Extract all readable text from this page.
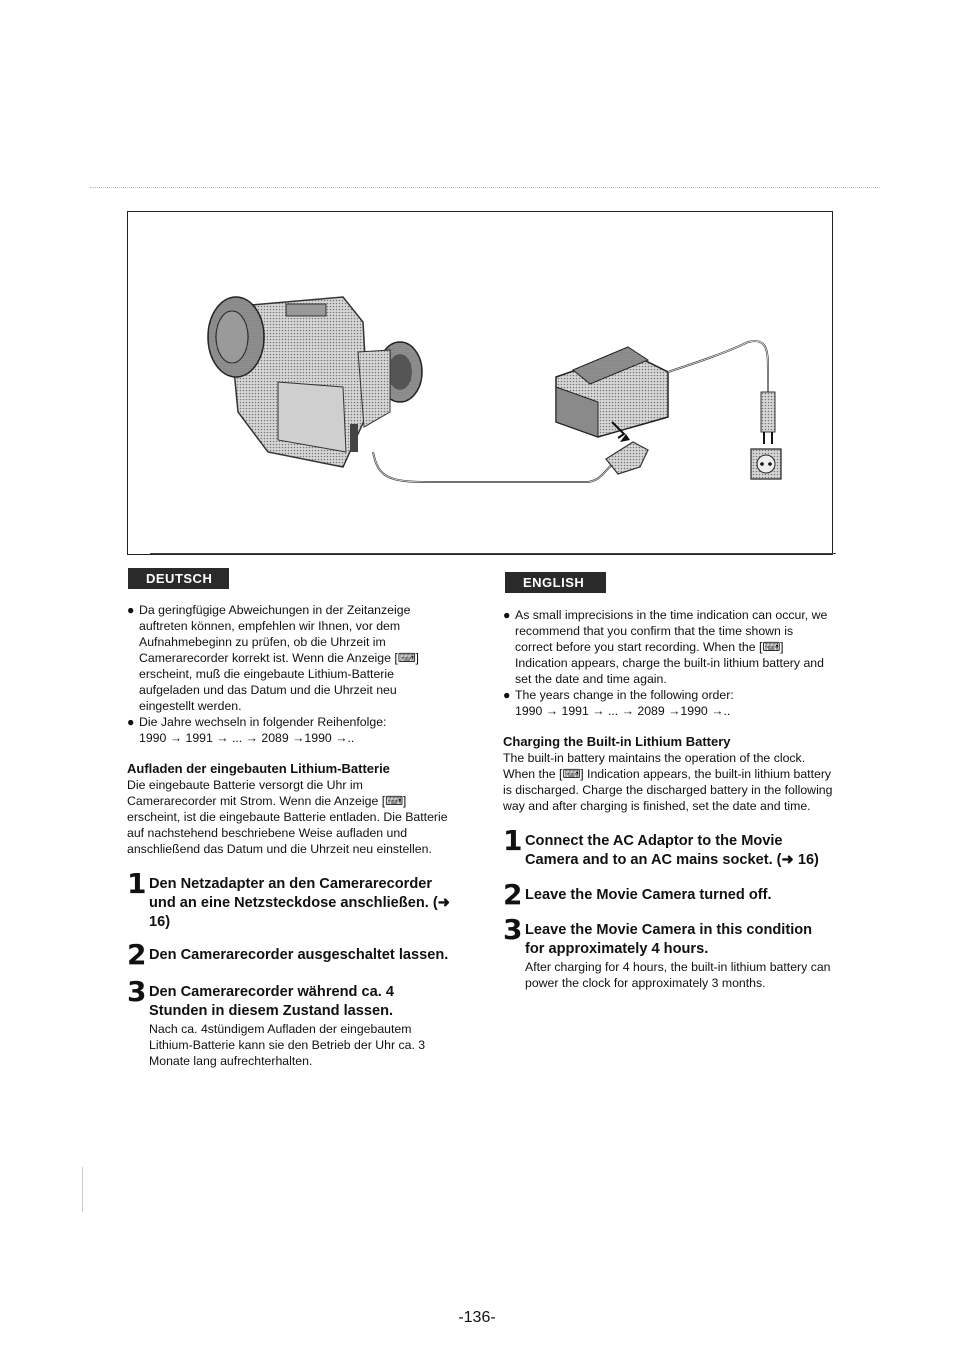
DEUTSCH
● Da geringfügige Abweichungen in der Zeitanzeige auftreten können, empfehlen wir Ihnen, vor dem Aufnahmebeginn zu prüfen, ob die Uhrzeit im Camerarecorder korrekt ist. Wenn die Anzeige [⌨] erscheint, muß die eingebaute Lithium-Batterie aufgeladen und das Datum und die Uhrzeit neu eingestellt werden.
● Die Jahre wechseln in folgender Reihenfolge:
1990 → 1991 → ... → 2089 →1990 →..
Aufladen der eingebauten Lithium-Batterie
Die eingebaute Batterie versorgt die Uhr im Camerarecorder mit Strom. Wenn die Anzeige [⌨] erscheint, ist die eingebaute Batterie entladen. Die Batterie auf nachstehend beschriebene Weise aufladen und anschließend das Datum und die Uhrzeit neu einstellen.
1 Den Netzadapter an den Camerarecorder und an eine Netzsteckdose anschließen. (➜ 16)
2 Den Camerarecorder ausgeschaltet lassen.
3 Den Camerarecorder während ca. 4 Stunden in diesem Zustand lassen.
Nach ca. 4stündigem Aufladen der eingebautem Lithium-Batterie kann sie den Betrieb der Uhr ca. 3 Monate lang aufrechterhalten.
ENGLISH
● As small imprecisions in the time indication can occur, we recommend that you confirm that the time shown is correct before you start recording. When the [⌨] Indication appears, charge the built-in lithium battery and set the date and time again.
● The years change in the following order:
1990 → 1991 → ... → 2089 →1990 →..
Charging the Built-in Lithium Battery
The built-in battery maintains the operation of the clock. When the [⌨] Indication appears, the built-in lithium battery is discharged. Charge the discharged battery in the following way and after charging is finished, set the date and time.
1 Connect the AC Adaptor to the Movie Camera and to an AC mains socket. (➜ 16)
2 Leave the Movie Camera turned off.
3 Leave the Movie Camera in this condition for approximately 4 hours.
After charging for 4 hours, the built-in lithium battery can power the clock for approximately 3 months.
-136-
